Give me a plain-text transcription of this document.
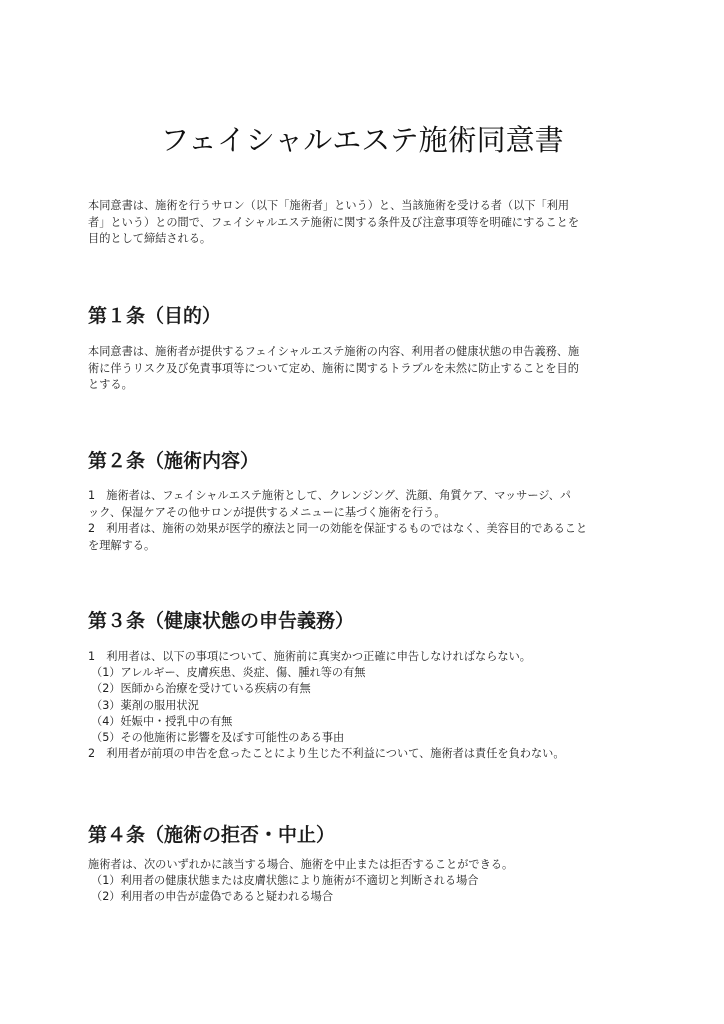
フェイシャルエステ施術同意書

本同意書は、施術を行うサロン（以下「施術者」という）と、当該施術を受ける者（以下「利用
者」という）との間で、フェイシャルエステ施術に関する条件及び注意事項等を明確にすることを
目的として締結される。

第１条（目的）

本同意書は、施術者が提供するフェイシャルエステ施術の内容、利用者の健康状態の申告義務、施
術に伴うリスク及び免責事項等について定め、施術に関するトラブルを未然に防止することを目的
とする。

第２条（施術内容）

1　施術者は、フェイシャルエステ施術として、クレンジング、洗顔、角質ケア、マッサージ、パ
ック、保湿ケアその他サロンが提供するメニューに基づく施術を行う。
2　利用者は、施術の効果が医学的療法と同一の効能を保証するものではなく、美容目的であること
を理解する。

第３条（健康状態の申告義務）
1　利用者は、以下の事項について、施術前に真実かつ正確に申告しなければならない。
（1）アレルギー、皮膚疾患、炎症、傷、腫れ等の有無
（2）医師から治療を受けている疾病の有無
（3）薬剤の服用状況
（4）妊娠中・授乳中の有無
（5）その他施術に影響を及ぼす可能性のある事由
2　利用者が前項の申告を怠ったことにより生じた不利益について、施術者は責任を負わない。
第４条（施術の拒否・中止）
施術者は、次のいずれかに該当する場合、施術を中止または拒否することができる。
（1）利用者の健康状態または皮膚状態により施術が不適切と判断される場合
（2）利用者の申告が虚偽であると疑われる場合
